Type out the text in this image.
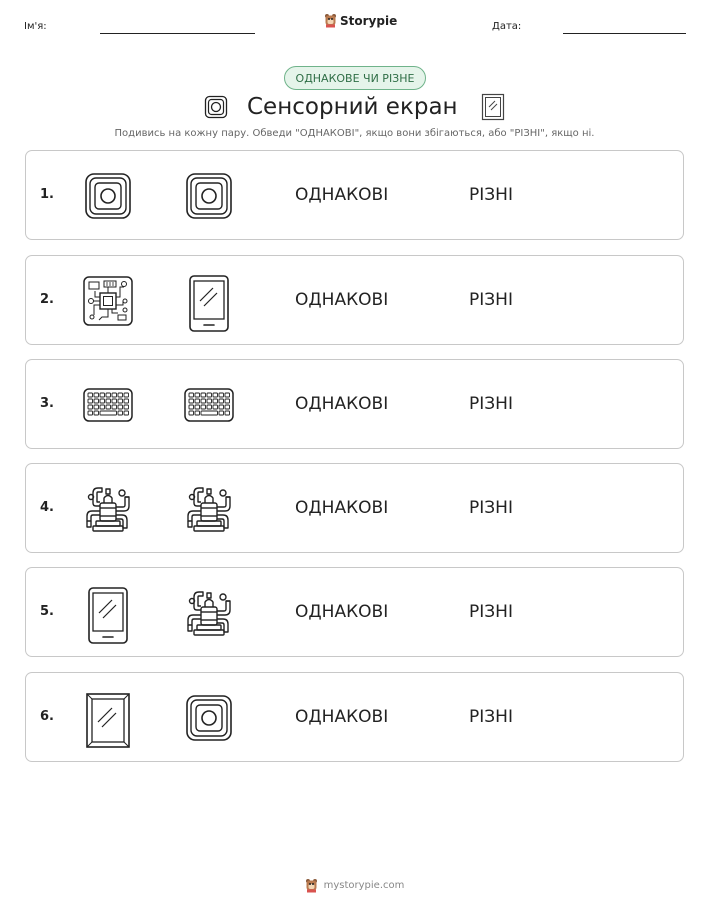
Ім'я:	Storypie	Дата:
ОДНАКОВЕ ЧИ РІЗНЕ
Сенсорний екран
Подивись на кожну пару. Обведи "ОДНАКОВІ", якщо вони збігаються, або "РІЗНІ", якщо ні.
1.	ОДНАКОВІ	РІЗНІ
2.	ОДНАКОВІ	РІЗНІ
3.	ОДНАКОВІ	РІЗНІ
4.	ОДНАКОВІ	РІЗНІ
5.	ОДНАКОВІ	РІЗНІ
6.	ОДНАКОВІ	РІЗНІ
mystorypie.com
